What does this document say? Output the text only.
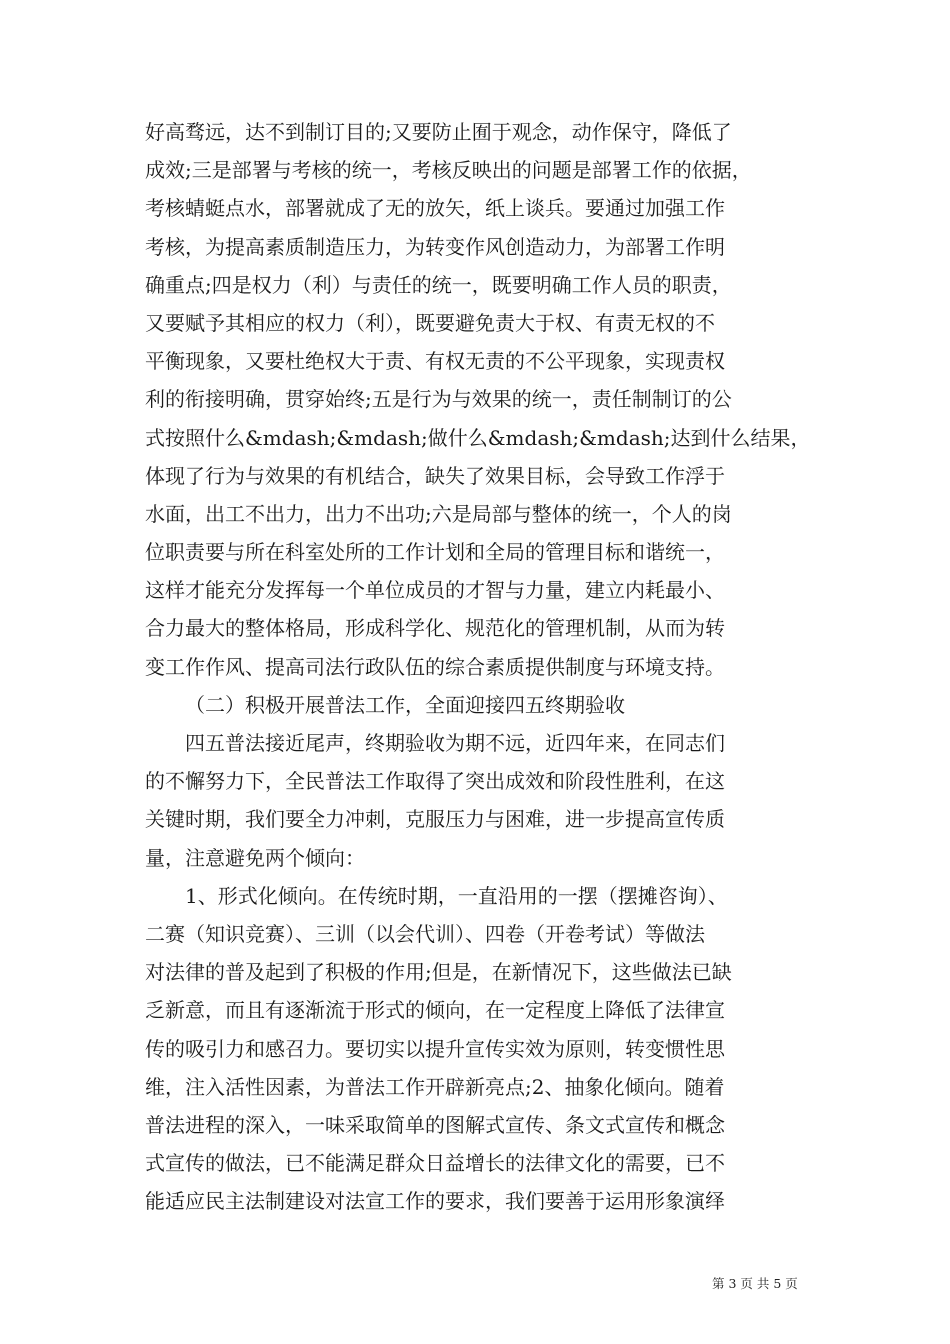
好高骛远，达不到制订目的;又要防止囿于观念，动作保守，降低了
成效;三是部署与考核的统一，考核反映出的问题是部署工作的依据，
考核蜻蜓点水，部署就成了无的放矢，纸上谈兵。要通过加强工作
考核，为提高素质制造压力，为转变作风创造动力，为部署工作明
确重点;四是权力（利）与责任的统一，既要明确工作人员的职责，
又要赋予其相应的权力（利），既要避免责大于权、有责无权的不
平衡现象，又要杜绝权大于责、有权无责的不公平现象，实现责权
利的衔接明确，贯穿始终;五是行为与效果的统一，责任制制订的公
式按照什么&mdash;&mdash;做什么&mdash;&mdash;达到什么结果，
体现了行为与效果的有机结合，缺失了效果目标，会导致工作浮于
水面，出工不出力，出力不出功;六是局部与整体的统一，个人的岗
位职责要与所在科室处所的工作计划和全局的管理目标和谐统一，
这样才能充分发挥每一个单位成员的才智与力量，建立内耗最小、
合力最大的整体格局，形成科学化、规范化的管理机制，从而为转
变工作作风、提高司法行政队伍的综合素质提供制度与环境支持。
（二）积极开展普法工作，全面迎接四五终期验收
四五普法接近尾声，终期验收为期不远，近四年来，在同志们
的不懈努力下，全民普法工作取得了突出成效和阶段性胜利，在这
关键时期，我们要全力冲刺，克服压力与困难，进一步提高宣传质
量，注意避免两个倾向：
1、形式化倾向。在传统时期，一直沿用的一摆（摆摊咨询）、
二赛（知识竞赛）、三训（以会代训）、四卷（开卷考试）等做法
对法律的普及起到了积极的作用;但是，在新情况下，这些做法已缺
乏新意，而且有逐渐流于形式的倾向，在一定程度上降低了法律宣
传的吸引力和感召力。要切实以提升宣传实效为原则，转变惯性思
维，注入活性因素，为普法工作开辟新亮点;2、抽象化倾向。随着
普法进程的深入，一味采取简单的图解式宣传、条文式宣传和概念
式宣传的做法，已不能满足群众日益增长的法律文化的需要，已不
能适应民主法制建设对法宣工作的要求，我们要善于运用形象演绎
第 3 页 共 5 页
